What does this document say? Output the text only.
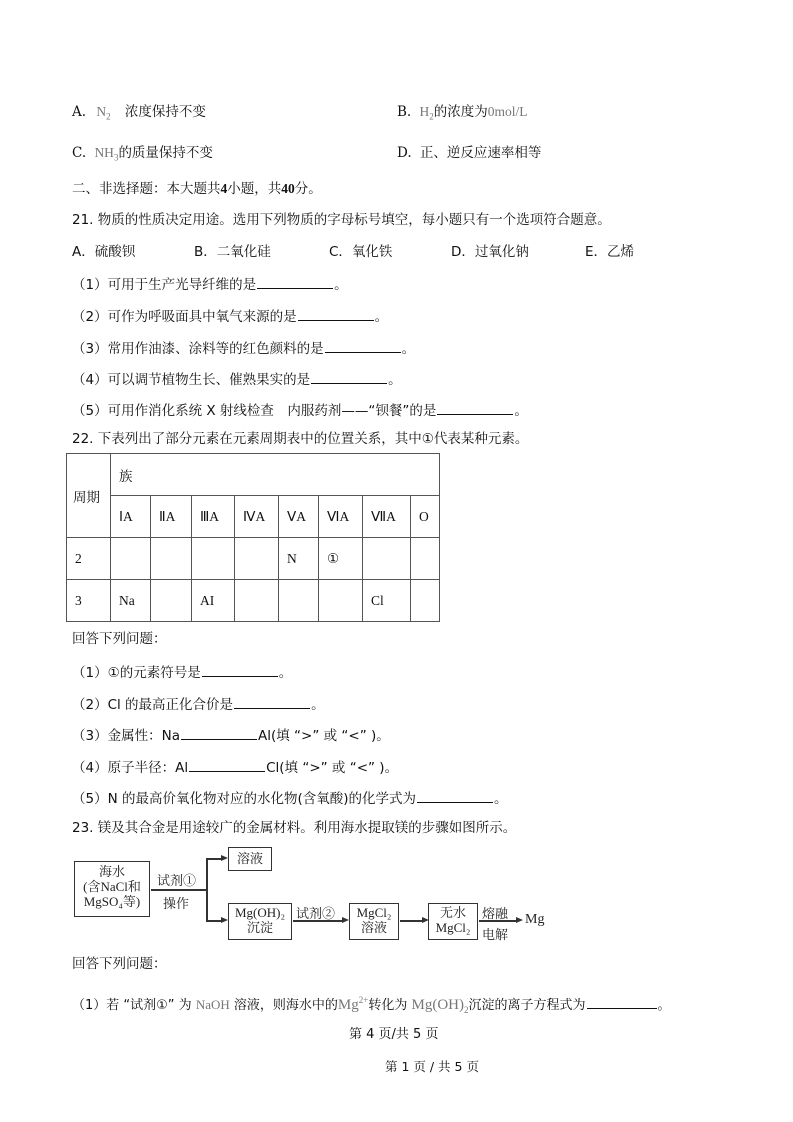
A. $N_2$ 浓度保持不变	B. $H_2$的浓度为0mol/L
C. $NH_3$的质量保持不变	D. 正、逆反应速率相等
二、非选择题：本大题共4小题，共40分。
21. 物质的性质决定用途。选用下列物质的字母标号填空，每小题只有一个选项符合题意。
A．硫酸钡	B．二氧化硅	C．氧化铁	D．过氧化钠	E．乙烯
（1）可用于生产光导纤维的是	。
（2）可作为呼吸面具中氧气来源的是	。
（3）常用作油漆、涂料等的红色颜料的是	。
（4）可以调节植物生长、催熟果实的是	。
（5）可用作消化系统 X 射线检查　内服药剂——“钡餐”的是	。
22. 下表列出了部分元素在元素周期表中的位置关系，其中①代表某种元素。
周期	族							
	ⅠA	ⅡA	ⅢA	ⅣA	ⅤA	ⅥA	ⅦA	O
2					N	①		
3	Na		AI				Cl	
回答下列问题：
（1）①的元素符号是	。
（2）Cl 的最高正化合价是	。
（3）金属性：Na	Al(填 “>” 或 “<” )。
（4）原子半径：Al	Cl(填 “>” 或 “<” )。
（5）N 的最高价氧化物对应的水化物(含氧酸)的化学式为	。
23. 镁及其合金是用途较广的金属材料。利用海水提取镁的步骤如图所示。
海水
(含NaCl和
MgSO₄等)
试剂①
操作
溶液
Mg(OH)₂
沉淀
试剂②	MgCl₂
溶液
无水
MgCl₂
熔融
电解
Mg
回答下列问题：
（1）若 “试剂①” 为 NaOH 溶液，则海水中的$Mg^{2+}$转化为 $Mg(OH)_2$沉淀的离子方程式为	。
第 4 页/共 5 页
第 1 页 / 共 5 页
